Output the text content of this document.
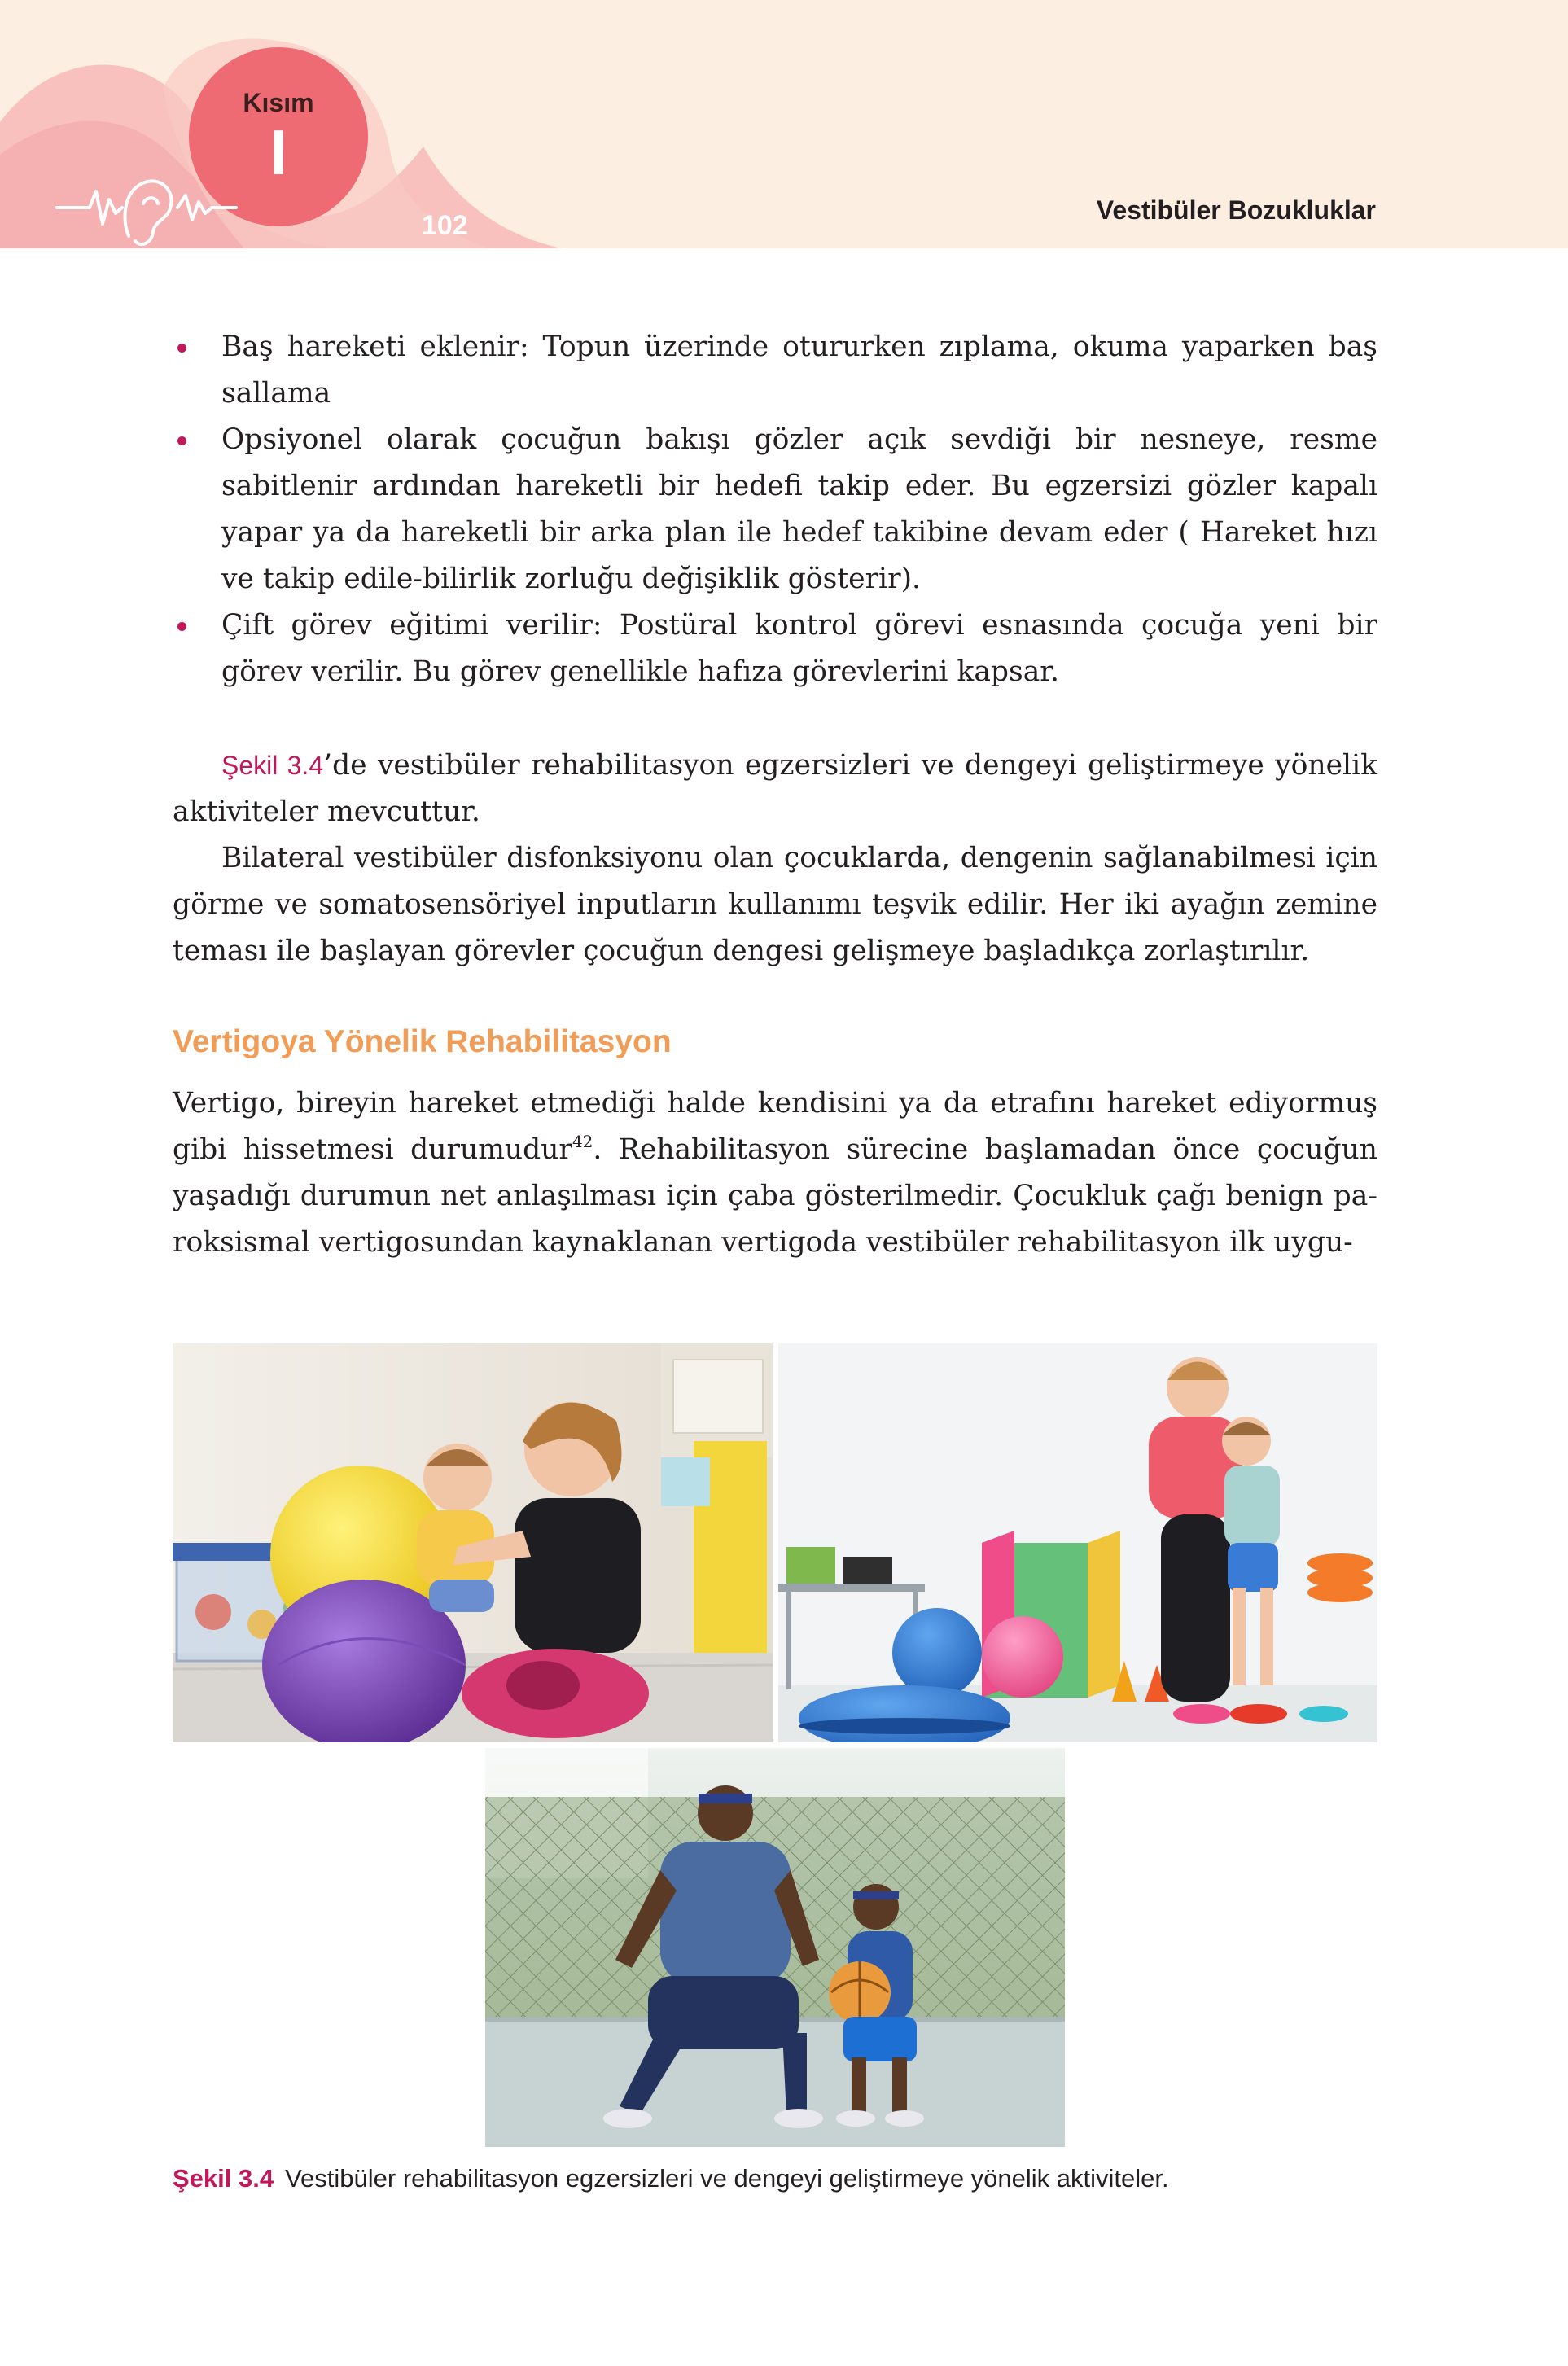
Kısım
I
102	Vestibüler Bozukluklar
Baş hareketi eklenir: Topun üzerinde otururken zıplama, okuma yaparken baş sallama
Opsiyonel olarak çocuğun bakışı gözler açık sevdiği bir nesneye, resme sabitlenir ardından hareketli bir hedefi takip eder. Bu egzersizi gözler kapalı yapar ya da hareketli bir arka plan ile hedef takibine devam eder ( Hareket hızı ve takip edile-bilirlik zorluğu değişiklik gösterir).
Çift görev eğitimi verilir: Postüral kontrol görevi esnasında çocuğa yeni bir görev verilir. Bu görev genellikle hafıza görevlerini kapsar.

Şekil 3.4’de vestibüler rehabilitasyon egzersizleri ve dengeyi geliştirmeye yönelik aktiviteler mevcuttur.

Bilateral vestibüler disfonksiyonu olan çocuklarda, dengenin sağlanabilmesi için görme ve somatosensöriyel inputların kullanımı teşvik edilir. Her iki ayağın zemine teması ile başlayan görevler çocuğun dengesi gelişmeye başladıkça zorlaştırılır.

Vertigoya Yönelik Rehabilitasyon

Vertigo, bireyin hareket etmediği halde kendisini ya da etrafını hareket ediyormuş gibi hissetmesi durumudur$^{42}$. Rehabilitasyon sürecine başlamadan önce çocuğun yaşadığı durumun net anlaşılması için çaba gösterilmedir. Çocukluk çağı benign pa-roksismal vertigosundan kaynaklanan vertigoda vestibüler rehabilitasyon ilk uygu-

Şekil 3.4 Vestibüler rehabilitasyon egzersizleri ve dengeyi geliştirmeye yönelik aktiviteler.
